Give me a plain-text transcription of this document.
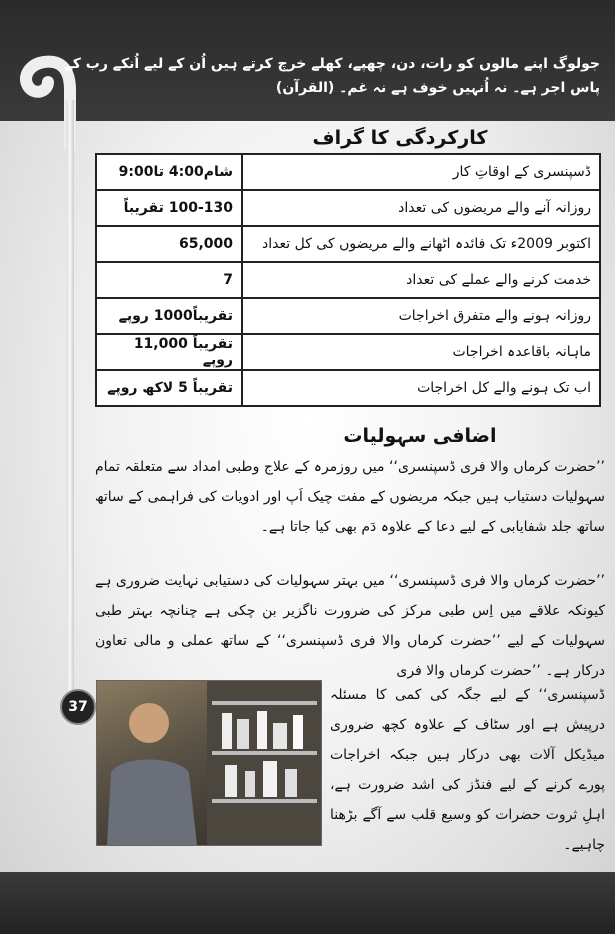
جولوگ اپنے مالوں کو رات، دن، چھپے، کھلے خرچ کرتے ہیں اُن کے لیے اُنکے رب کے پاس اجر ہے۔ نہ اُنہیں خوف ہے نہ غم۔ (القرآن)
کارکردگی کا گراف
ڈسپنسری کے اوقاتِ کار	شام4:00 تا9:00
روزانہ آنے والے مریضوں کی تعداد	100-130 تقریباً
اکتوبر 2009ء تک فائدہ اٹھانے والے مریضوں کی کل تعداد	65,000
خدمت کرنے والے عملے کی تعداد	7
روزانہ ہونے والے متفرق اخراجات	تقریباً1000 روپے
ماہانہ باقاعدہ اخراجات	تقریباً 11,000 روپے
اب تک ہونے والے کل اخراجات	تقریباً 5 لاکھ روپے
اضافی سہولیات
’’حضرت کرماں والا فری ڈسپنسری‘‘ میں روزمرہ کے علاج وطبی امداد سے متعلقہ تمام سہولیات دستیاب ہیں جبکہ مریضوں کے مفت چیک اَپ اور ادویات کی فراہمی کے ساتھ ساتھ جلد شفایابی کے لیے دعا کے علاوہ دَم بھی کیا جاتا ہے۔
’’حضرت کرماں والا فری ڈسپنسری‘‘ میں بہتر سہولیات کی دستیابی نہایت ضروری ہے کیونکہ علاقے میں اِس طبی مرکز کی ضرورت ناگزیر بن چکی ہے چنانچہ بہتر طبی سہولیات کے لیے ’’حضرت کرماں والا فری ڈسپنسری‘‘ کے ساتھ عملی و مالی تعاون درکار ہے۔ ’’حضرت کرماں والا فری
ڈسپنسری‘‘ کے لیے جگہ کی کمی کا مسئلہ درپیش ہے اور سٹاف کے علاوہ کچھ ضروری میڈیکل آلات بھی درکار ہیں جبکہ اخراجات پورے کرنے کے لیے فنڈز کی اشد ضرورت ہے، اہلِ ثروت حضرات کو وسیع قلب سے آگے بڑھنا چاہیے۔
37
